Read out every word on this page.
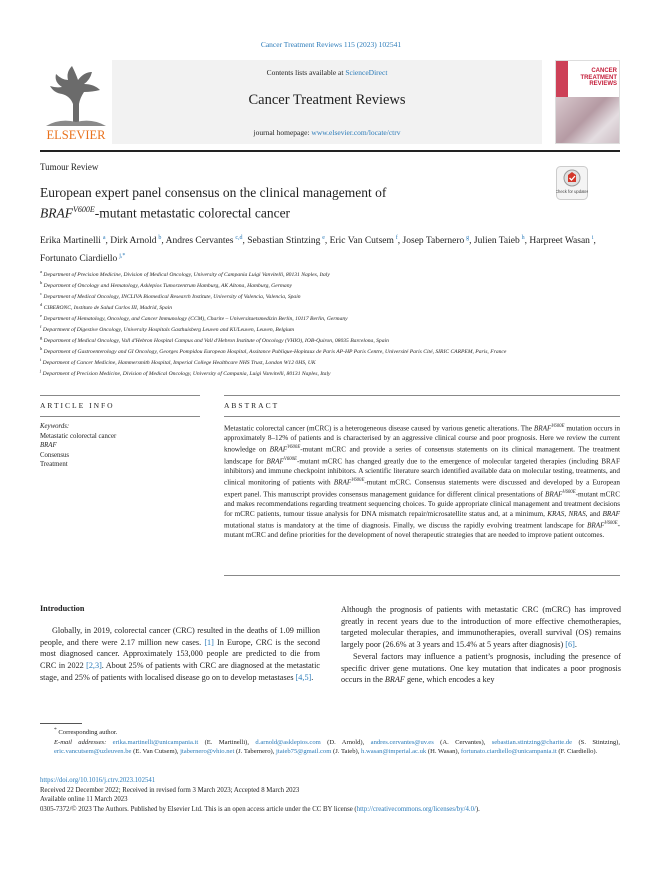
Cancer Treatment Reviews 115 (2023) 102541
ELSEVIER
Contents lists available at ScienceDirect
Cancer Treatment Reviews
journal homepage: www.elsevier.com/locate/ctrv
CANCER TREATMENT REVIEWS
Tumour Review
European expert panel consensus on the clinical management of
$BRAF^{V600E}$-mutant metastatic colorectal cancer
Check for updates
Erika Martinelli  $^a$, Dirk Arnold  $^b$, Andres Cervantes  $^{c,d}$, Sebastian Stintzing  $^e$, Eric Van Cutsem  $^f$, Josep Tabernero  $^g$, Julien Taieb  $^h$, Harpreet Wasan  $^i$, Fortunato Ciardiello  $^{j,*}$
$^a$ Department of Precision Medicine, Division of Medical Oncology, University of Campania Luigi Vanvitelli, 80131 Naples, Italy
$^b$ Department of Oncology and Hematology, Asklepios Tumorzentrum Hamburg, AK Altona, Hamburg, Germany
$^c$ Department of Medical Oncology, INCLIVA Biomedical Research Institute, University of Valencia, Valencia, Spain
$^d$ CIBERONC, Instituto de Salud Carlos III, Madrid, Spain
$^e$ Department of Hematology, Oncology, and Cancer Immunology (CCM), Charite – Universitaetsmedizin Berlin, 10117 Berlin, Germany
$^f$ Department of Digestive Oncology, University Hospitals Gasthuisberg Leuven and KULeuven, Leuven, Belgium
$^g$ Department of Medical Oncology, Vall d'Hebron Hospital Campus and Vall d'Hebron Institute of Oncology (VHIO), IOB-Quiron, 08035 Barcelona, Spain
$^h$ Department of Gastroenterology and GI Oncology, Georges Pompidou European Hospital, Assitance Publique-Hopitaux de Paris AP-HP Paris Centre, Université Paris Cité, SIRIC CARPEM, Paris, France
$^i$ Department of Cancer Medicine, Hammersmith Hospital, Imperial College Healthcare NHS Trust, London W12 0HS, UK
$^j$ Department of Precision Medicine, Division of Medical Oncology, University of Campania, Luigi Vanvitelli, 80131 Naples, Italy
ARTICLE INFO	ABSTRACT
Keywords:
Metastatic colorectal cancer
BRAF
Consensus
Treatment
Metastatic colorectal cancer (mCRC) is a heterogeneous disease caused by various genetic alterations. The $BRAF^{V600E}$ mutation occurs in approximately 8–12% of patients and is characterised by an aggressive clinical course and poor prognosis. Here we review the current knowledge on $BRAF^{V600E}$-mutant mCRC and provide a series of consensus statements on its clinical management. The treatment landscape for $BRAF^{V600E}$-mutant mCRC has changed greatly due to the emergence of molecular targeted therapies (including BRAF inhibitors) and immune checkpoint inhibitors. A scientific literature search identified available data on molecular testing, treatments, and clinical monitoring of patients with $BRAF^{V600E}$-mutant mCRC. Consensus statements were discussed and developed by a European expert panel. This manuscript provides consensus management guidance for different clinical presentations of $BRAF^{V600E}$-mutant mCRC and makes recommendations regarding treatment sequencing choices. To guide appropriate clinical management and treatment decisions for mCRC patients, tumour tissue analysis for DNA mismatch repair/microsatellite status and, at a minimum, KRAS, NRAS, and BRAF mutational status is mandatory at the time of diagnosis. Finally, we discuss the rapidly evolving treatment landscape for $BRAF^{V600E}$-mutant mCRC and define priorities for the development of novel therapeutic strategies that are needed to improve patient outcomes.
Introduction
Globally, in 2019, colorectal cancer (CRC) resulted in the deaths of 1.09 million people, and there were 2.17 million new cases. [1] In Europe, CRC is the second most diagnosed cancer. Approximately 153,000 people are predicted to die from CRC in 2022 [2,3]. About 25% of patients with CRC are diagnosed at the metastatic stage, and 25% of patients with localised disease go on to develop metastases [4,5].
Although the prognosis of patients with metastatic CRC (mCRC) has improved greatly in recent years due to the introduction of more effective chemotherapies, targeted molecular therapies, and immunotherapies, overall survival (OS) remains largely poor (26.6% at 3 years and 15.4% at 5 years after diagnosis) [6].
Several factors may influence a patient’s prognosis, including the presence of specific driver gene mutations. One key mutation that indicates a poor prognosis occurs in the BRAF gene, which encodes a key
* Corresponding author.
E-mail addresses: erika.martinelli@unicampania.it (E. Martinelli), d.arnold@asklepios.com (D. Arnold), andres.cervantes@uv.es (A. Cervantes), sebastian.stintzing@charite.de (S. Stintzing), eric.vancutsem@uzleuven.be (E. Van Cutsem), jtabernero@vhio.net (J. Tabernero), jtaieb75@gmail.com (J. Taieb), h.wasan@imperial.ac.uk (H. Wasan), fortunato.ciardiello@unicampania.it (F. Ciardiello).
https://doi.org/10.1016/j.ctrv.2023.102541
Received 22 December 2022; Received in revised form 3 March 2023; Accepted 8 March 2023
Available online 11 March 2023
0305-7372/© 2023 The Authors. Published by Elsevier Ltd. This is an open access article under the CC BY license (http://creativecommons.org/licenses/by/4.0/).
